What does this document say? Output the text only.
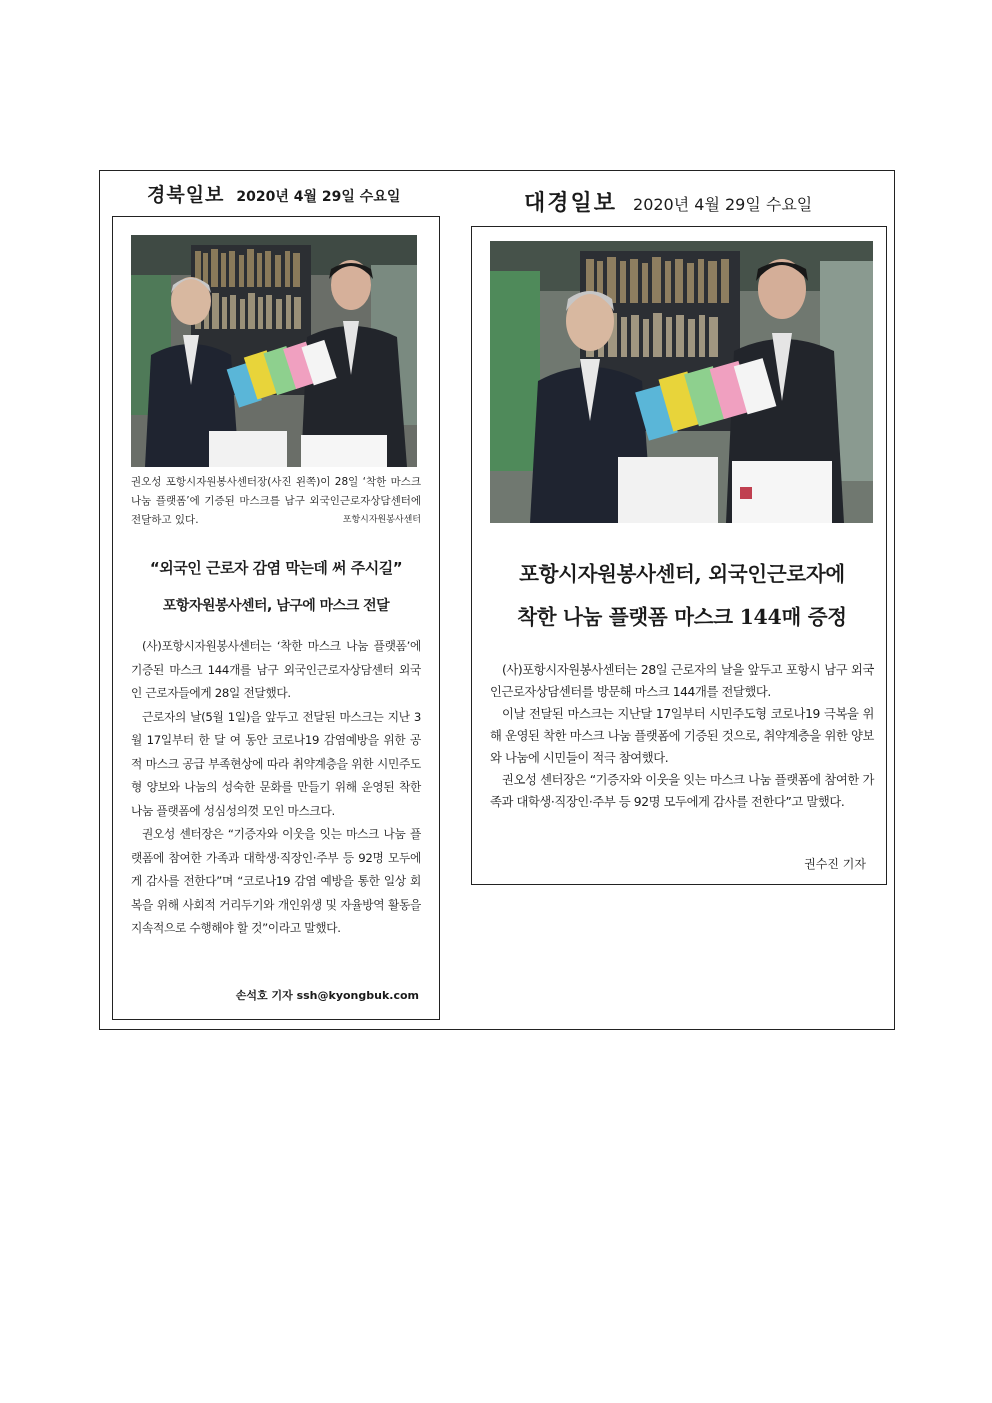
경북일보 2020년 4월 29일 수요일	대경일보 2020년 4월 29일 수요일

권오성 포항시자원봉사센터장(사진 왼쪽)이 28일 ‘착한 마스크 나눔 플랫폼’에 기증된 마스크를 남구 외국인근로자상담센터에 전달하고 있다.	포항시자원봉사센터

“외국인 근로자 감염 막는데 써 주시길”
포항자원봉사센터, 남구에 마스크 전달

(사)포항시자원봉사센터는 ‘착한 마스크 나눔 플랫폼’에 기증된 마스크 144개를 남구 외국인근로자상담센터 외국인 근로자들에게 28일 전달했다.

근로자의 날(5월 1일)을 앞두고 전달된 마스크는 지난 3월 17일부터 한 달 여 동안 코로나19 감염예방을 위한 공적 마스크 공급 부족현상에 따라 취약계층을 위한 시민주도형 양보와 나눔의 성숙한 문화를 만들기 위해 운영된 착한 나눔 플랫폼에 성심성의껏 모인 마스크다.

권오성 센터장은 “기증자와 이웃을 잇는 마스크 나눔 플랫폼에 참여한 가족과 대학생·직장인·주부 등 92명 모두에게 감사를 전한다”며 “코로나19 감염 예방을 통한 일상 회복을 위해 사회적 거리두기와 개인위생 및 자율방역 활동을 지속적으로 수행해야 할 것”이라고 말했다.

손석호 기자 ssh@kyongbuk.com
포항시자원봉사센터, 외국인근로자에
착한 나눔 플랫폼 마스크 144매 증정

(사)포항시자원봉사센터는 28일 근로자의 날을 앞두고 포항시 남구 외국인근로자상담센터를 방문해 마스크 144개를 전달했다.

이날 전달된 마스크는 지난달 17일부터 시민주도형 코로나19 극복을 위해 운영된 착한 마스크 나눔 플랫폼에 기증된 것으로, 취약계층을 위한 양보와 나눔에 시민들이 적극 참여했다.

권오성 센터장은 “기증자와 이웃을 잇는 마스크 나눔 플랫폼에 참여한 가족과 대학생·직장인·주부 등 92명 모두에게 감사를 전한다”고 말했다.

권수진 기자
